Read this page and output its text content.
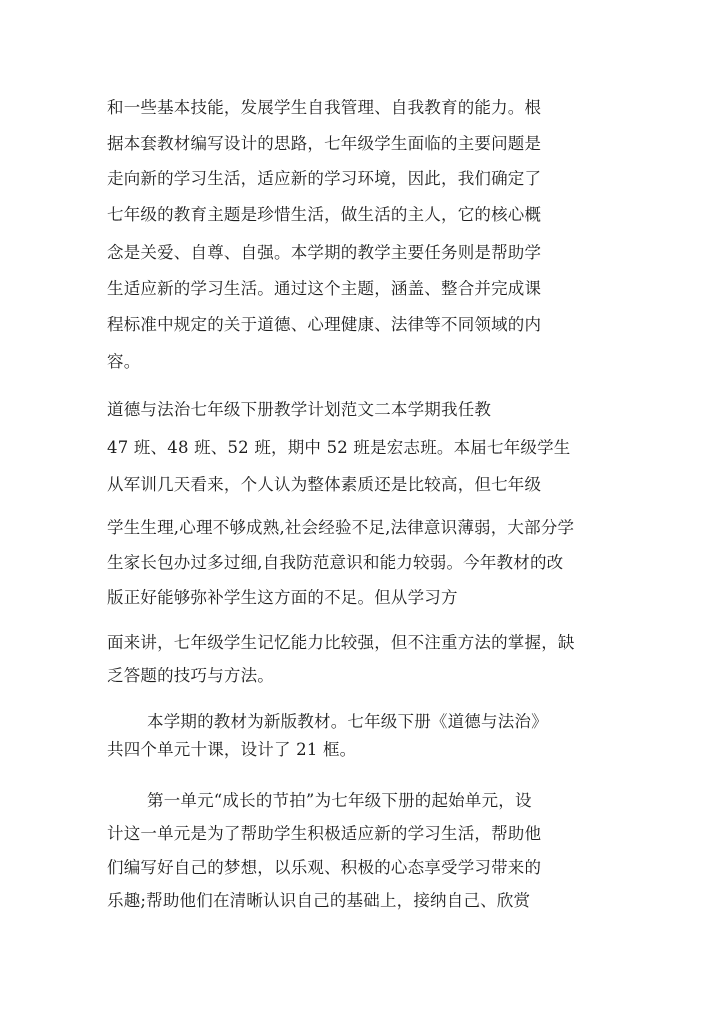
和一些基本技能，发展学生自我管理、自我教育的能力。根
据本套教材编写设计的思路，七年级学生面临的主要问题是
走向新的学习生活，适应新的学习环境，因此，我们确定了
七年级的教育主题是珍惜生活，做生活的主人，它的核心概
念是关爱、自尊、自强。本学期的教学主要任务则是帮助学
生适应新的学习生活。通过这个主题，涵盖、整合并完成课
程标准中规定的关于道德、心理健康、法律等不同领域的内
容。
道德与法治七年级下册教学计划范文二本学期我任教
47 班、48 班、52 班，期中 52 班是宏志班。本届七年级学生
从军训几天看来，个人认为整体素质还是比较高，但七年级
学生生理,心理不够成熟,社会经验不足,法律意识薄弱，大部分学
生家长包办过多过细,自我防范意识和能力较弱。今年教材的改
版正好能够弥补学生这方面的不足。但从学习方
面来讲，七年级学生记忆能力比较强，但不注重方法的掌握，缺
乏答题的技巧与方法。
本学期的教材为新版教材。七年级下册《道德与法治》
共四个单元十课，设计了 21 框。
第一单元“成长的节拍”为七年级下册的起始单元，设
计这一单元是为了帮助学生积极适应新的学习生活，帮助他
们编写好自己的梦想，以乐观、积极的心态享受学习带来的
乐趣;帮助他们在清晰认识自己的基础上，接纳自己、欣赏
